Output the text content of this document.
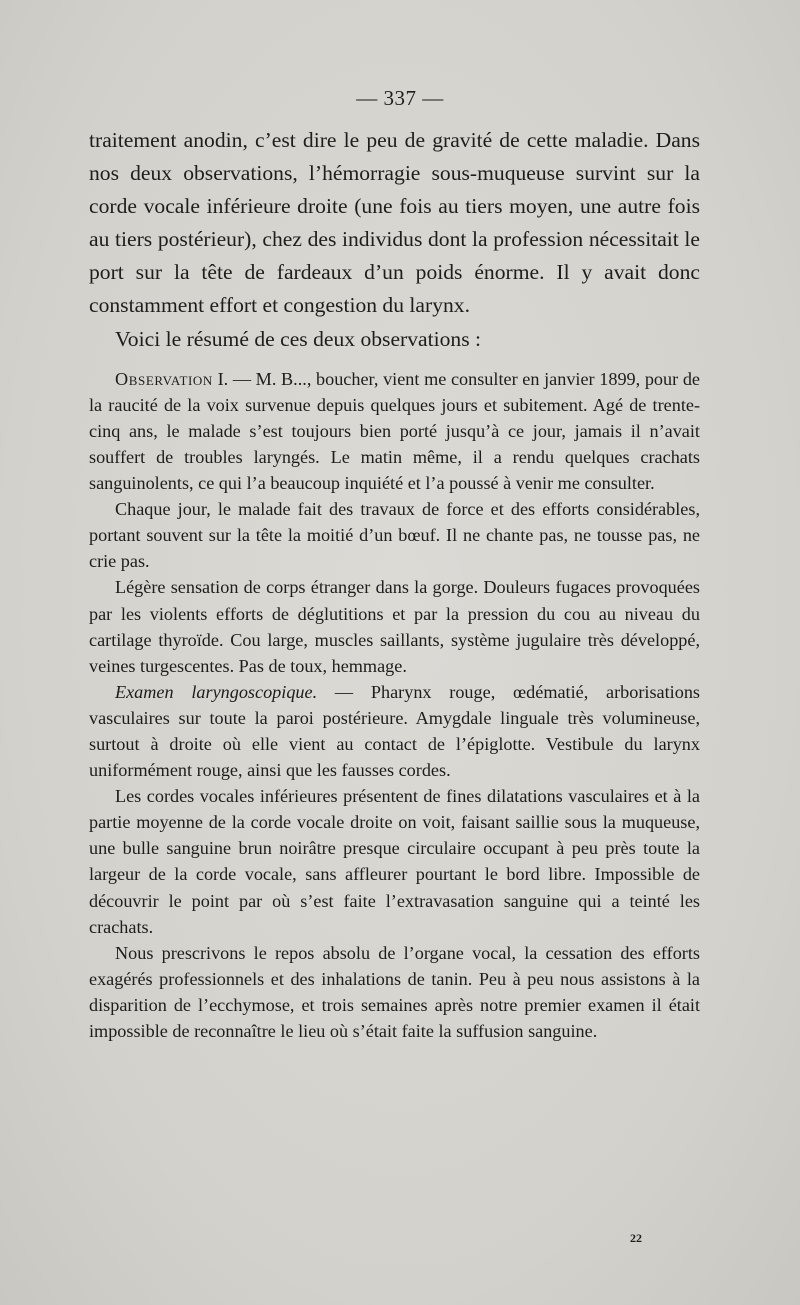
— 337 —

traitement anodin, c’est dire le peu de gravité de cette maladie. Dans nos deux observations, l’hémorragie sous-muqueuse survint sur la corde vocale inférieure droite (une fois au tiers moyen, une autre fois au tiers postérieur), chez des individus dont la profession nécessitait le port sur la tête de fardeaux d’un poids énorme. Il y avait donc constamment effort et congestion du larynx.

Voici le résumé de ces deux observations :

Observation I. — M. B..., boucher, vient me consulter en janvier 1899, pour de la raucité de la voix survenue depuis quelques jours et subitement. Agé de trente-cinq ans, le malade s’est toujours bien porté jusqu’à ce jour, jamais il n’avait souffert de troubles laryngés. Le matin même, il a rendu quelques crachats sanguinolents, ce qui l’a beaucoup inquiété et l’a poussé à venir me consulter.

Chaque jour, le malade fait des travaux de force et des efforts considérables, portant souvent sur la tête la moitié d’un bœuf. Il ne chante pas, ne tousse pas, ne crie pas.

Légère sensation de corps étranger dans la gorge. Douleurs fugaces provoquées par les violents efforts de déglutitions et par la pression du cou au niveau du cartilage thyroïde. Cou large, muscles saillants, système jugulaire très développé, veines turgescentes. Pas de toux, hemmage.

Examen laryngoscopique. — Pharynx rouge, œdématié, arborisations vasculaires sur toute la paroi postérieure. Amygdale linguale très volumineuse, surtout à droite où elle vient au contact de l’épiglotte. Vestibule du larynx uniformément rouge, ainsi que les fausses cordes.

Les cordes vocales inférieures présentent de fines dilatations vasculaires et à la partie moyenne de la corde vocale droite on voit, faisant saillie sous la muqueuse, une bulle sanguine brun noirâtre presque circulaire occupant à peu près toute la largeur de la corde vocale, sans affleurer pourtant le bord libre. Impossible de découvrir le point par où s’est faite l’extravasation sanguine qui a teinté les crachats.

Nous prescrivons le repos absolu de l’organe vocal, la cessation des efforts exagérés professionnels et des inhalations de tanin. Peu à peu nous assistons à la disparition de l’ecchymose, et trois semaines après notre premier examen il était impossible de reconnaître le lieu où s’était faite la suffusion sanguine.

22
